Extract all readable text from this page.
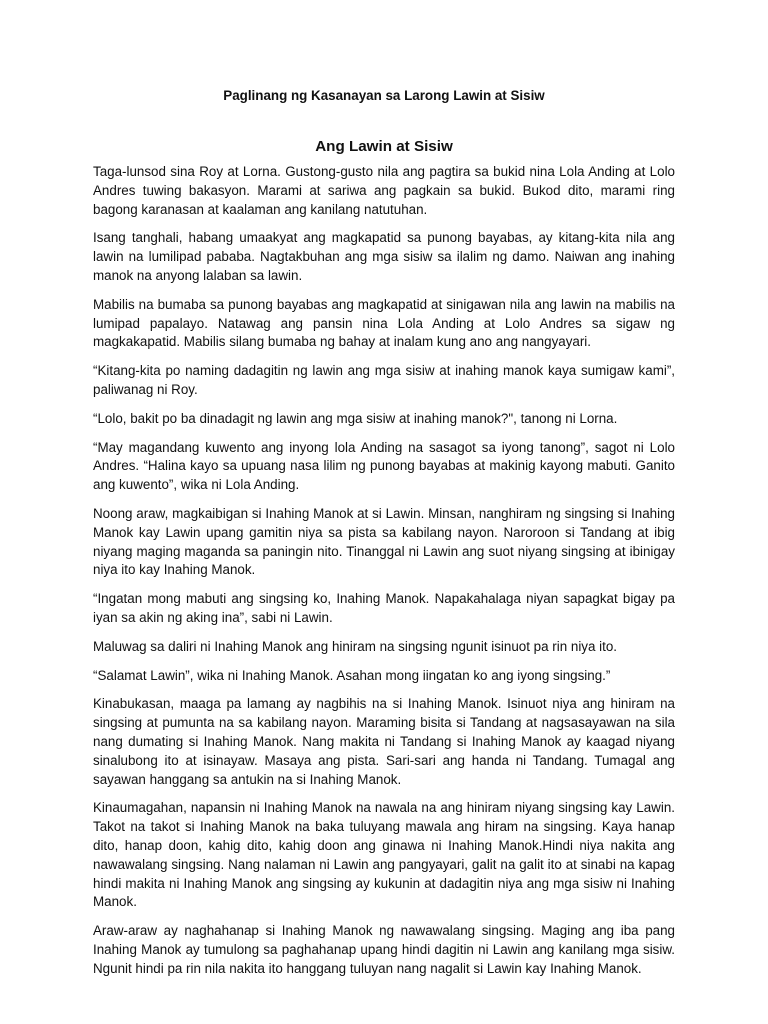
Paglinang ng Kasanayan sa Larong Lawin at Sisiw
Ang Lawin at Sisiw

Taga-lunsod sina Roy at Lorna. Gustong-gusto nila ang pagtira sa bukid nina Lola Anding at Lolo Andres tuwing bakasyon. Marami at sariwa ang pagkain sa bukid. Bukod dito, marami ring bagong karanasan at kaalaman ang kanilang natutuhan.

Isang tanghali, habang umaakyat ang magkapatid sa punong bayabas, ay kitang-kita nila ang lawin na lumilipad pababa. Nagtakbuhan ang mga sisiw sa ilalim ng damo. Naiwan ang inahing manok na anyong lalaban sa lawin.

Mabilis na bumaba sa punong bayabas ang magkapatid at sinigawan nila ang lawin na mabilis na lumipad papalayo. Natawag ang pansin nina Lola Anding at Lolo Andres sa sigaw ng magkakapatid. Mabilis silang bumaba ng bahay at inalam kung ano ang nangyayari.

“Kitang-kita po naming dadagitin ng lawin ang mga sisiw at inahing manok kaya sumigaw kami”, paliwanag ni Roy.

“Lolo, bakit po ba dinadagit ng lawin ang mga sisiw at inahing manok?", tanong ni Lorna.

“May magandang kuwento ang inyong lola Anding na sasagot sa iyong tanong”, sagot ni Lolo Andres. “Halina kayo sa upuang nasa lilim ng punong bayabas at makinig kayong mabuti. Ganito ang kuwento”, wika ni Lola Anding.

Noong araw, magkaibigan si Inahing Manok at si Lawin. Minsan, nanghiram ng singsing si Inahing Manok kay Lawin upang gamitin niya sa pista sa kabilang nayon. Naroroon si Tandang at ibig niyang maging maganda sa paningin nito. Tinanggal ni Lawin ang suot niyang singsing at ibinigay niya ito kay Inahing Manok.

“Ingatan mong mabuti ang singsing ko, Inahing Manok. Napakahalaga niyan sapagkat bigay pa iyan sa akin ng aking ina”, sabi ni Lawin.

Maluwag sa daliri ni Inahing Manok ang hiniram na singsing ngunit isinuot pa rin niya ito.

“Salamat Lawin”, wika ni Inahing Manok. Asahan mong iingatan ko ang iyong singsing.”

Kinabukasan, maaga pa lamang ay nagbihis na si Inahing Manok. Isinuot niya ang hiniram na singsing at pumunta na sa kabilang nayon. Maraming bisita si Tandang at nagsasayawan na sila nang dumating si Inahing Manok. Nang makita ni Tandang si Inahing Manok ay kaagad niyang sinalubong ito at isinayaw. Masaya ang pista. Sari-sari ang handa ni Tandang. Tumagal ang sayawan hanggang sa antukin na si Inahing Manok.

Kinaumagahan, napansin ni Inahing Manok na nawala na ang hiniram niyang singsing kay Lawin. Takot na takot si Inahing Manok na baka tuluyang mawala ang hiram na singsing. Kaya hanap dito, hanap doon, kahig dito, kahig doon ang ginawa ni Inahing Manok.Hindi niya nakita ang nawawalang singsing. Nang nalaman ni Lawin ang pangyayari, galit na galit ito at sinabi na kapag hindi makita ni Inahing Manok ang singsing ay kukunin at dadagitin niya ang mga sisiw ni Inahing Manok.

Araw-araw ay naghahanap si Inahing Manok ng nawawalang singsing. Maging ang iba pang Inahing Manok ay tumulong sa paghahanap upang hindi dagitin ni Lawin ang kanilang mga sisiw. Ngunit hindi pa rin nila nakita ito hanggang tuluyan nang nagalit si Lawin kay Inahing Manok.
